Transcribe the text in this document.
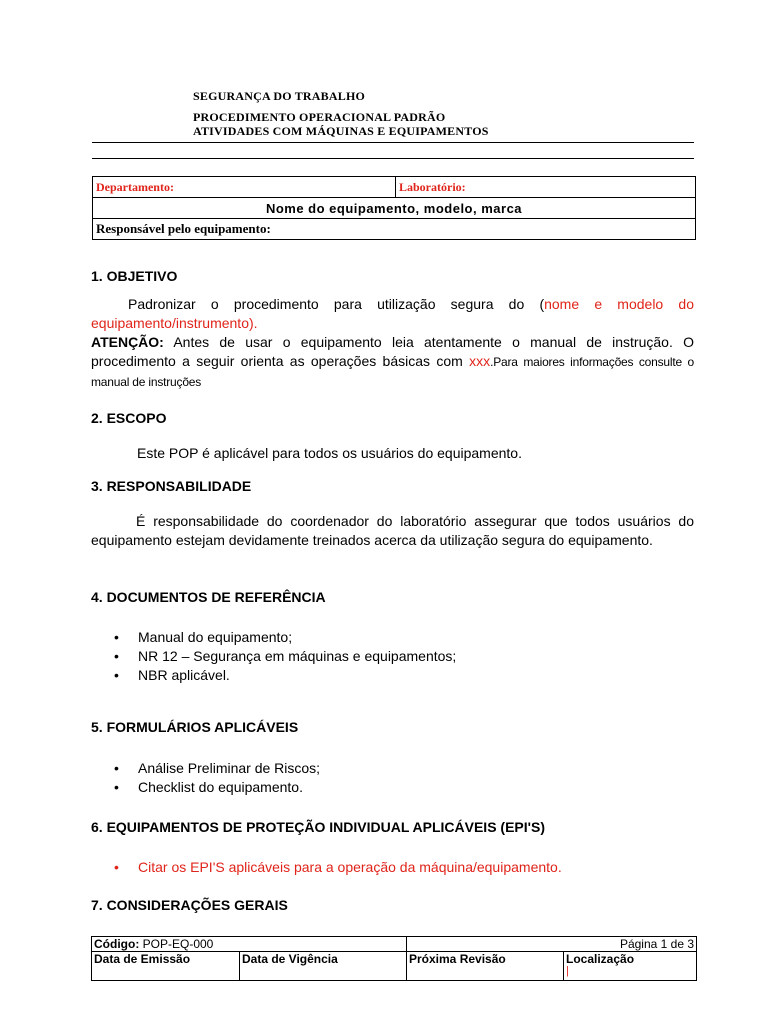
SEGURANÇA DO TRABALHO
PROCEDIMENTO OPERACIONAL PADRÃO
ATIVIDADES COM MÁQUINAS E EQUIPAMENTOS
Departamento:	Laboratório:
Nome do equipamento, modelo, marca
Responsável pelo equipamento:
1. OBJETIVO
Padronizar o procedimento para utilização segura do (nome e modelo do equipamento/instrumento).
ATENÇÃO: Antes de usar o equipamento leia atentamente o manual de instrução. O procedimento a seguir orienta as operações básicas com xxx.Para maiores informações consulte o manual de instruções
2. ESCOPO
Este POP é aplicável para todos os usuários do equipamento.
3. RESPONSABILIDADE
É responsabilidade do coordenador do laboratório assegurar que todos usuários do equipamento estejam devidamente treinados acerca da utilização segura do equipamento.
4. DOCUMENTOS DE REFERÊNCIA
• Manual do equipamento;
• NR 12 – Segurança em máquinas e equipamentos;
• NBR aplicável.
5. FORMULÁRIOS APLICÁVEIS
• Análise Preliminar de Riscos;
• Checklist do equipamento.
6. EQUIPAMENTOS DE PROTEÇÃO INDIVIDUAL APLICÁVEIS (EPI'S)
• Citar os EPI'S aplicáveis para a operação da máquina/equipamento.
7. CONSIDERAÇÕES GERAIS
Código: POP-EQ-000		Página 1 de 3	
Data de Emissão	Data de Vigência	Próxima Revisão	Localização
|
